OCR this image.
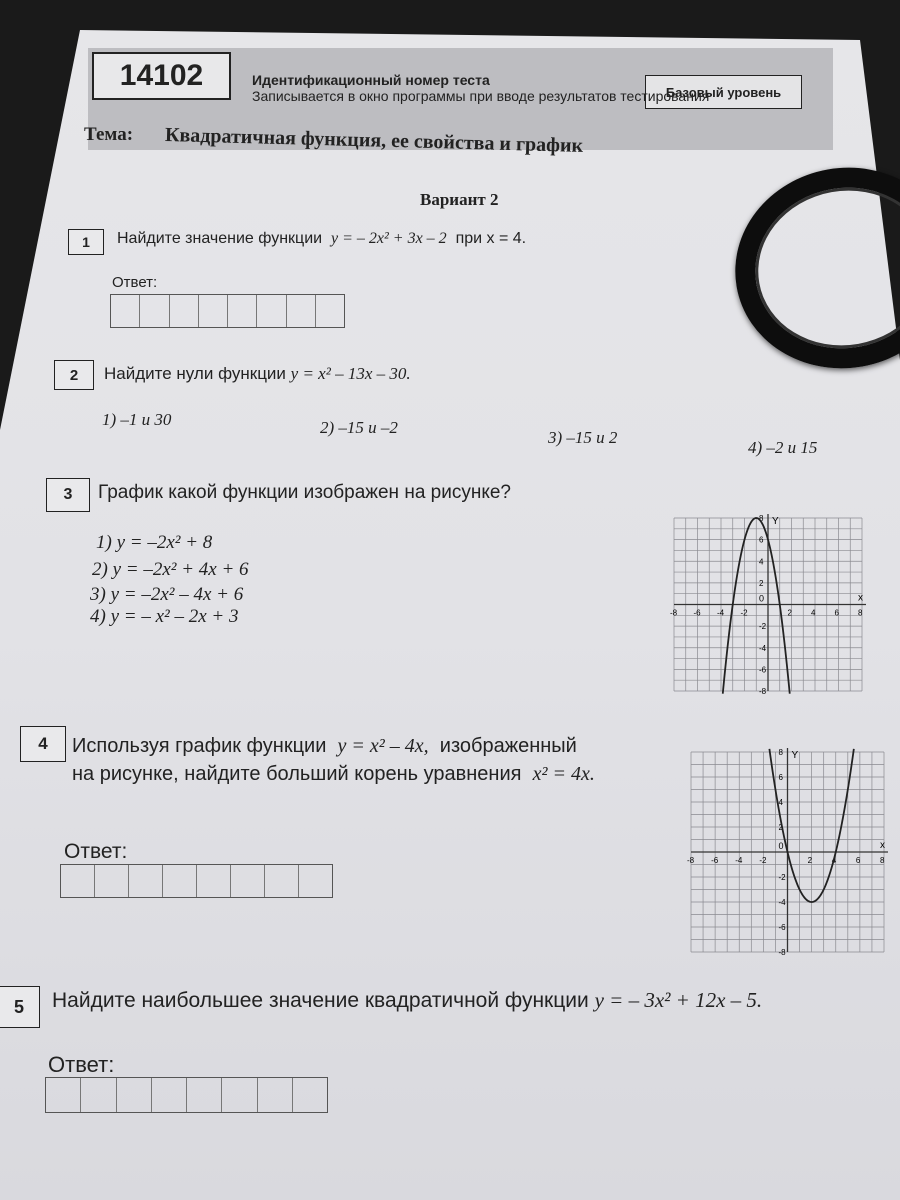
14102	Идентификационный номер теста
Базовый уровень
Записывается в окно программы при вводе результатов тестирования
Тема: Квадратичная функция, ее свойства и график
Вариант 2
1	Найдите значение функции y = – 2x² + 3x – 2 при x = 4.
Ответ:
2	Найдите нули функции y = x² – 13x – 30.
1) –1 и 30	2) –15 и –2
3) –15 и 2
4) –2 и 15
3	График какой функции изображен на рисунке?
1) y = –2x² + 8
2) y = –2x² + 4x + 6
3) y = –2x² – 4x + 6
4) y = – x² – 2x + 3
x
Y
0
-8 -6 -4 -2	2 4 6 8
8
6
4
2
-2
-4
-6
-8
4	Используя график функции y = x² – 4x, изображенный
на рисунке, найдите больший корень уравнения x² = 4x.
Ответ:	x
Y
0
-8 -6 -4 -2	2 4 6 8
8
6
4
2
-2
-4
-6
-8
5	Найдите наибольшее значение квадратичной функции y = – 3x² + 12x – 5.
Ответ:
